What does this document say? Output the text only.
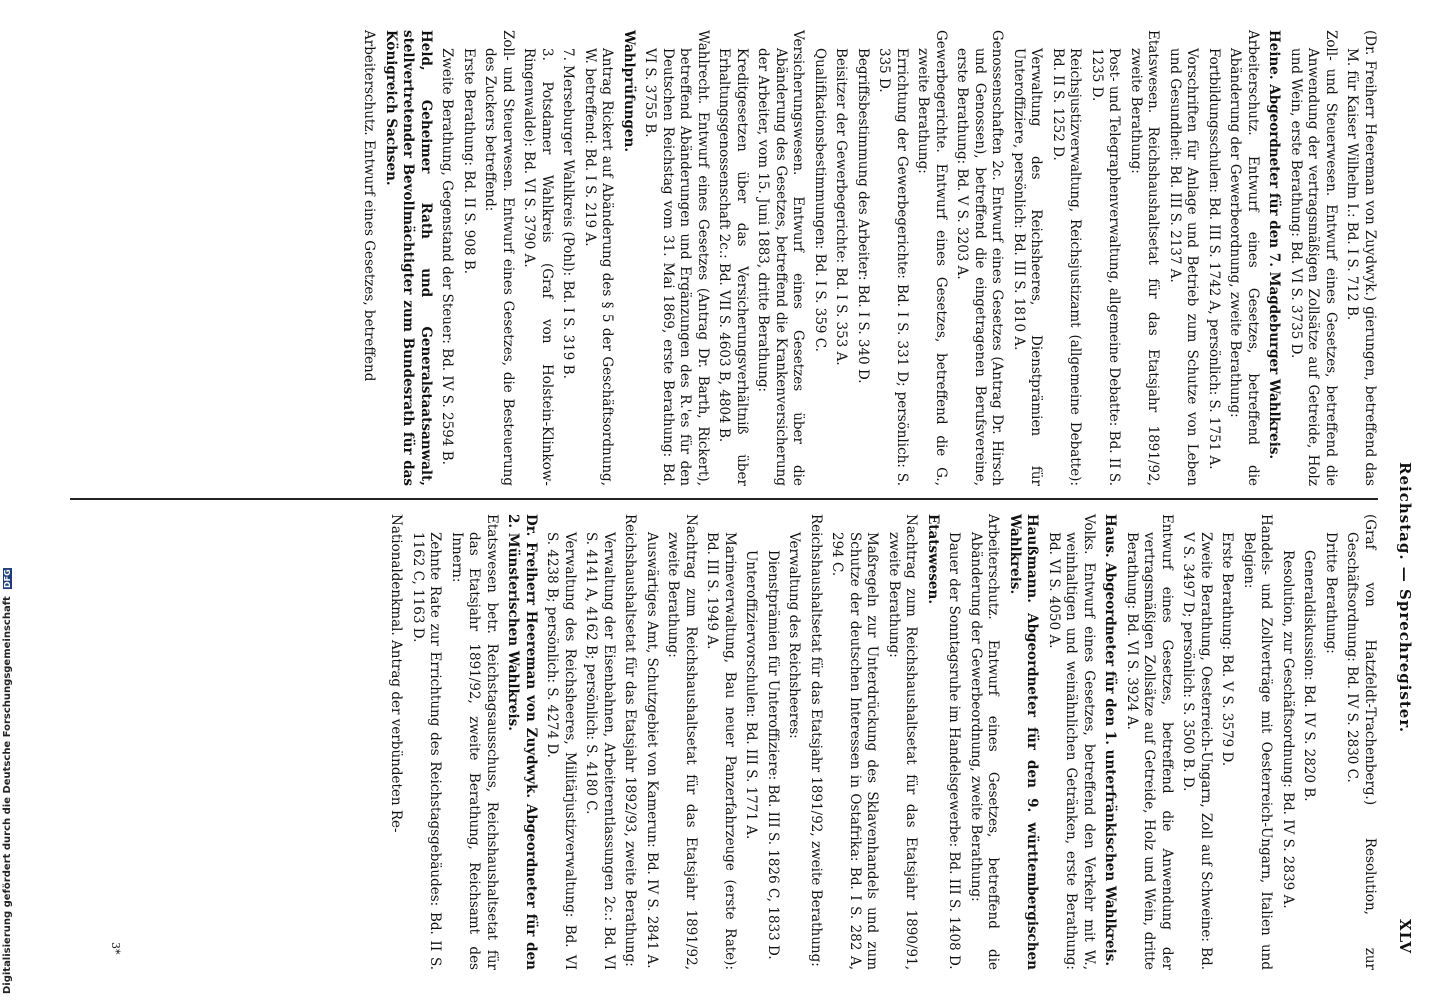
Digitalisierung gefördert durch die Deutsche Forschungsgemeinschaft DFG	Reichstag. — Sprechregister.
XLV
(Dr. Freiherr Heereman von Zuydwyk.) gierungen, betreffend das M. für Kaiser Wilhelm I.: Bd. I S. 712 B.
Zoll- und Steuerwesen. Entwurf eines Gesetzes, betreffend die Anwendung der vertragsmäßigen Zollsätze auf Getreide, Holz und Wein, erste Berathung: Bd. VI S. 3735 D.
Heine. Abgeordneter für den 7. Magdeburger Wahlkreis.
Arbeiterschutz. Entwurf eines Gesetzes, betreffend die Abänderung der Gewerbeordnung, zweite Berathung:
Fortbildungsschulen: Bd. III S. 1742 A, persönlich: S. 1751 A.
Vorschriften für Anlage und Betrieb zum Schutze von Leben und Gesundheit: Bd. III S. 2137 A.
Etatswesen. Reichshaushaltsetat für das Etatsjahr 1891/92, zweite Berathung:
Post- und Telegraphenverwaltung, allgemeine Debatte: Bd. II S. 1235 D.
Reichsjustizverwaltung, Reichsjustizamt (allgemeine Debatte): Bd. II S. 1252 D.
Verwaltung des Reichsheeres, Dienstprämien für Unteroffiziere, persönlich: Bd. III S. 1810 A.
Genossenschaften 2c. Entwurf eines Gesetzes (Antrag Dr. Hirsch und Genossen), betreffend die eingetragenen Berufsvereine, erste Berathung: Bd. V S. 3203 A.
Gewerbegerichte. Entwurf eines Gesetzes, betreffend die G., zweite Berathung:
Errichtung der Gewerbegerichte: Bd. I S. 331 D; persönlich: S. 335 D.
Begriffsbestimmung des Arbeiter: Bd. I S. 340 D.
Beisitzer der Gewerbegerichte: Bd. I S. 353 A.
Qualifikationsbestimmungen: Bd. I S. 359 C.
Versicherungswesen. Entwurf eines Gesetzes über die Abänderung des Gesetzes, betreffend die Krankenversicherung der Arbeiter, vom 15. Juni 1883, dritte Berathung:
Kreditgesetzen über das Versicherungsverhältniß über Erhaltungsgenossenschaft 2c.: Bd. VII S. 4603 B, 4804 B.
Wahlrecht. Entwurf eines Gesetzes (Antrag Dr. Barth, Rickert), betreffend Abänderungen und Ergänzungen des R.'es für den Deutschen Reichstag vom 31. Mai 1869, erste Berathung: Bd. VI S. 3755 B.
Wahlprüfungen.
Antrag Rickert auf Abänderung des § 5 der Geschäftsordnung, W. betreffend: Bd. I S. 219 A.
7. Merseburger Wahlkreis (Pohl): Bd. I S. 319 B.
3. Potsdamer Wahlkreis (Graf von Holstein-Klinkow-Ringenwalde): Bd. VI S. 3790 A.
Zoll- und Steuerwesen. Entwurf eines Gesetzes, die Besteuerung des Zuckers betreffend:
Erste Berathung: Bd. II S. 908 B.
Zweite Berathung, Gegenstand der Steuer: Bd. IV S. 2594 B.
Held, Geheimer Rath und Generalstaatsanwalt, stellvertretender Bevollmächtigter zum Bundesrath für das Königreich Sachsen.
Arbeiterschutz. Entwurf eines Gesetzes, betreffend
(Graf von Hatzfeldt-Trachenberg.) Resolution, zur Geschäftsordnung: Bd. IV S. 2830 C.
Dritte Berathung:
Generaldiskussion: Bd. IV S. 2820 B.
Resolution, zur Geschäftsordnung: Bd. IV S. 2839 A.
Handels- und Zollverträge mit Oesterreich-Ungarn, Italien und Belgien:
Erste Berathung: Bd. V S. 3579 D.
Zweite Berathung, Oesterreich-Ungarn, Zoll auf Schweine: Bd. V S. 3497 D; persönlich: S. 3500 B. D.
Entwurf eines Gesetzes, betreffend die Anwendung der vertragsmäßigen Zollsätze auf Getreide, Holz und Wein, dritte Berathung: Bd. VI S. 3924 A.
Haus. Abgeordneter für den 1. unterfränkischen Wahlkreis.
Volks. Entwurf eines Gesetzes, betreffend den Verkehr mit W., weinhaltigen und weinähnlichen Getränken, erste Berathung: Bd. VI S. 4050 A.
Haußmann. Abgeordneter für den 9. württembergischen Wahlkreis.
Arbeiterschutz. Entwurf eines Gesetzes, betreffend die Abänderung der Gewerbeordnung, zweite Berathung:
Dauer der Sonntagsruhe im Handelsgewerbe: Bd. III S. 1408 D.
Etatswesen.
Nachtrag zum Reichshaushaltsetat für das Etatsjahr 1890/91, zweite Berathung:
Maßregeln zur Unterdrückung des Sklavenhandels und zum Schutze der deutschen Interessen in Ostafrika: Bd. I S. 282 A, 294 C.
Reichshaushaltsetat für das Etatsjahr 1891/92, zweite Berathung:
Verwaltung des Reichsheeres:
Dienstprämien für Unteroffiziere: Bd. III S. 1826 C, 1833 D.
Unteroffiziervorschulen: Bd. III S. 1771 A.
Marineverwaltung, Bau neuer Panzerfahrzeuge (erste Rate): Bd. III S. 1949 A.
Nachtrag zum Reichshaushaltsetat für das Etatsjahr 1891/92, zweite Berathung:
Auswärtiges Amt, Schutzgebiet von Kamerun: Bd. IV S. 2841 A.
Reichshaushaltsetat für das Etatsjahr 1892/93, zweite Berathung:
Verwaltung der Eisenbahnen, Arbeiterentlassungen 2c.: Bd. VI S. 4141 A, 4162 B; persönlich: S. 4180 C.
Verwaltung des Reichsheeres, Militärjustizverwaltung: Bd. VI S. 4238 B; persönlich: S. 4274 D.
Dr. Freiherr Heereman von Zuydwyk. Abgeordneter für den 2. Münsterischen Wahlkreis.
Etatswesen betr. Reichstagsausschuss, Reichshaushaltsetat für das Etatsjahr 1891/92, zweite Berathung, Reichsamt des Innern:
Zehnte Rate zur Errichtung des Reichstagsgebäudes: Bd. II S. 1162 C, 1163 D.
Nationaldenkmal. Antrag der verbündeten Re-
3*
